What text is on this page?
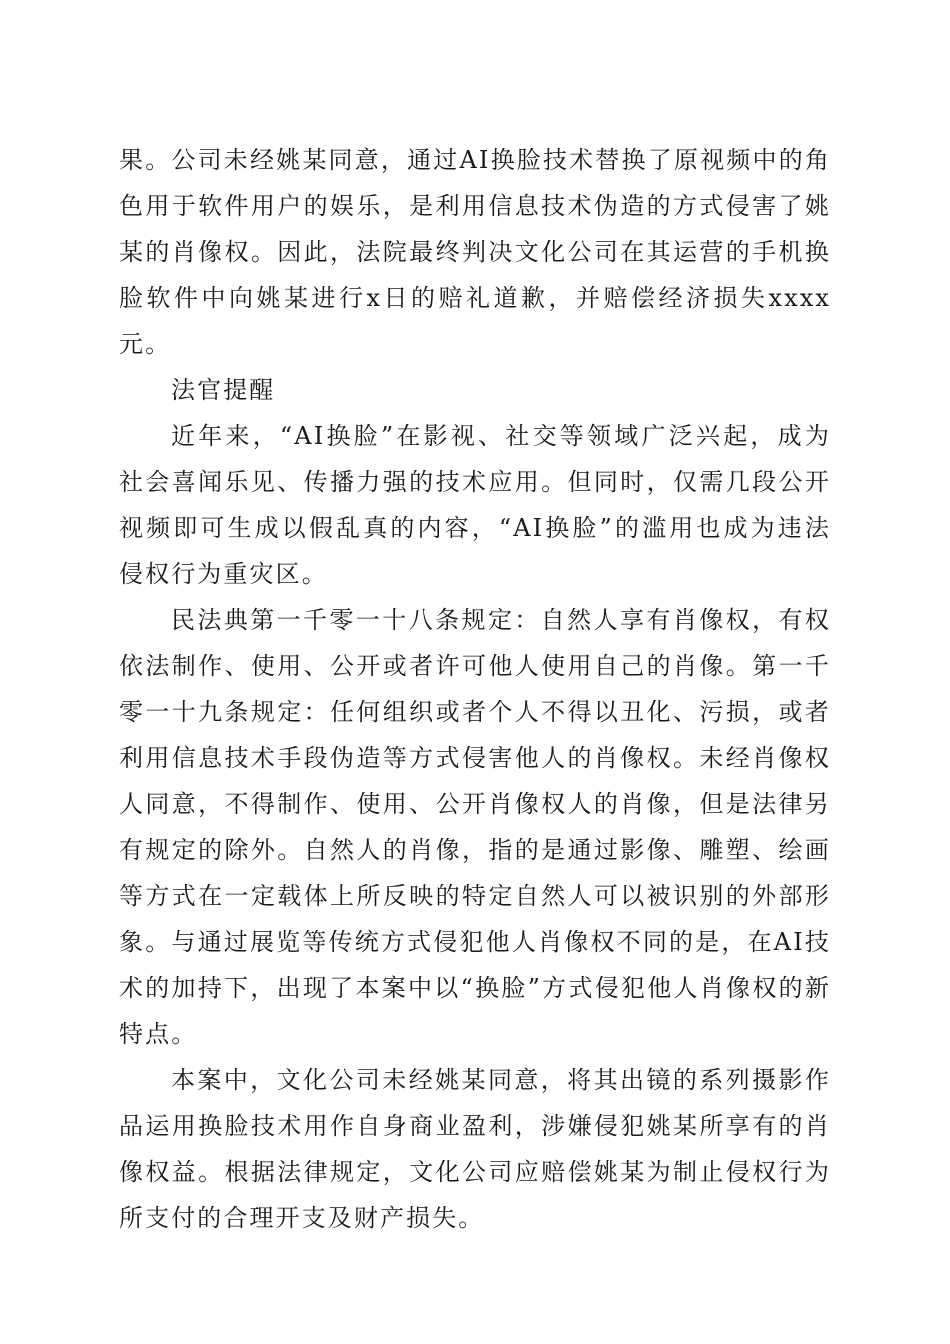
果。公司未经姚某同意，通过AI换脸技术替换了原视频中的角色用于软件用户的娱乐，是利用信息技术伪造的方式侵害了姚某的肖像权。因此，法院最终判决文化公司在其运营的手机换脸软件中向姚某进行x日的赔礼道歉，并赔偿经济损失xxxx元。

法官提醒

近年来，“AI换脸”在影视、社交等领域广泛兴起，成为社会喜闻乐见、传播力强的技术应用。但同时，仅需几段公开视频即可生成以假乱真的内容，“AI换脸”的滥用也成为违法侵权行为重灾区。

民法典第一千零一十八条规定：自然人享有肖像权，有权依法制作、使用、公开或者许可他人使用自己的肖像。第一千零一十九条规定：任何组织或者个人不得以丑化、污损，或者利用信息技术手段伪造等方式侵害他人的肖像权。未经肖像权人同意，不得制作、使用、公开肖像权人的肖像，但是法律另有规定的除外。自然人的肖像，指的是通过影像、雕塑、绘画等方式在一定载体上所反映的特定自然人可以被识别的外部形象。与通过展览等传统方式侵犯他人肖像权不同的是，在AI技术的加持下，出现了本案中以“换脸”方式侵犯他人肖像权的新特点。

本案中，文化公司未经姚某同意，将其出镜的系列摄影作品运用换脸技术用作自身商业盈利，涉嫌侵犯姚某所享有的肖像权益。根据法律规定，文化公司应赔偿姚某为制止侵权行为所支付的合理开支及财产损失。
